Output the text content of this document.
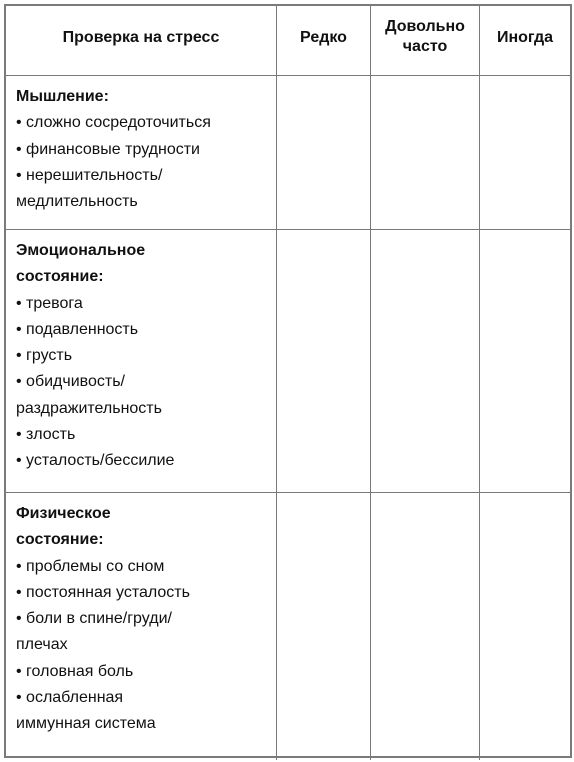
Проверка на стресс	Редко
Довольно
часто
Иногда
Мышление:
• сложно сосредоточиться
• финансовые трудности
• нерешительность/
медлительность
Эмоциональное
состояние:
• тревога
• подавленность
• грусть
• обидчивость/
раздражительность
• злость
• усталость/бессилие
Физическое
состояние:
• проблемы со сном
• постоянная усталость
• боли в спине/груди/
плечах
• головная боль
• ослабленная
иммунная система
